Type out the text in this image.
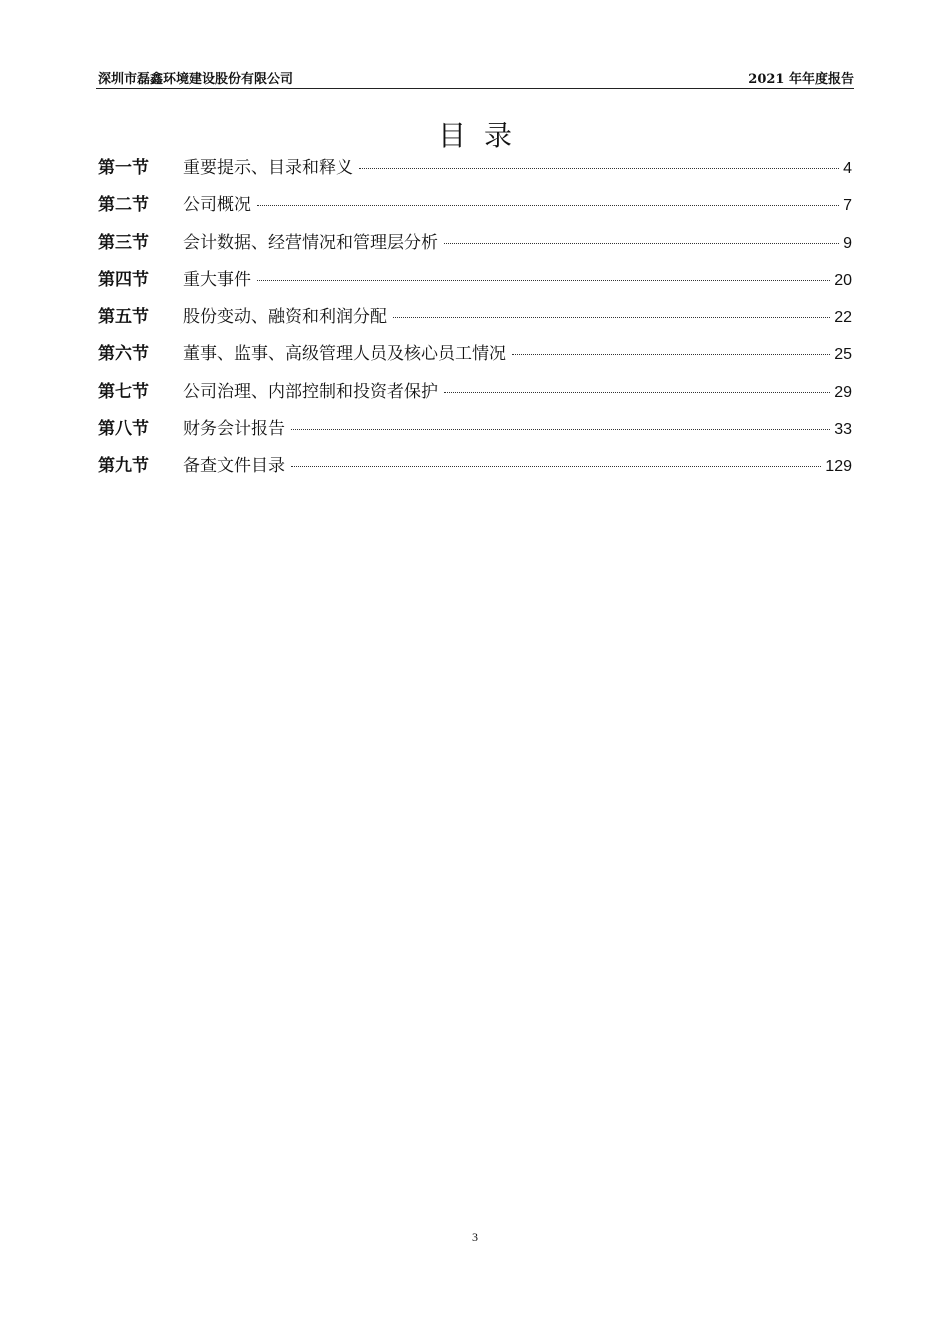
深圳市磊鑫环境建设股份有限公司	2021 年年度报告
目录
第一节	重要提示、目录和释义	4
第二节	公司概况	7
第三节	会计数据、经营情况和管理层分析	9
第四节	重大事件	20
第五节	股份变动、融资和利润分配	22
第六节	董事、监事、高级管理人员及核心员工情况	25
第七节	公司治理、内部控制和投资者保护	29
第八节	财务会计报告	33
第九节	备查文件目录	129
3
